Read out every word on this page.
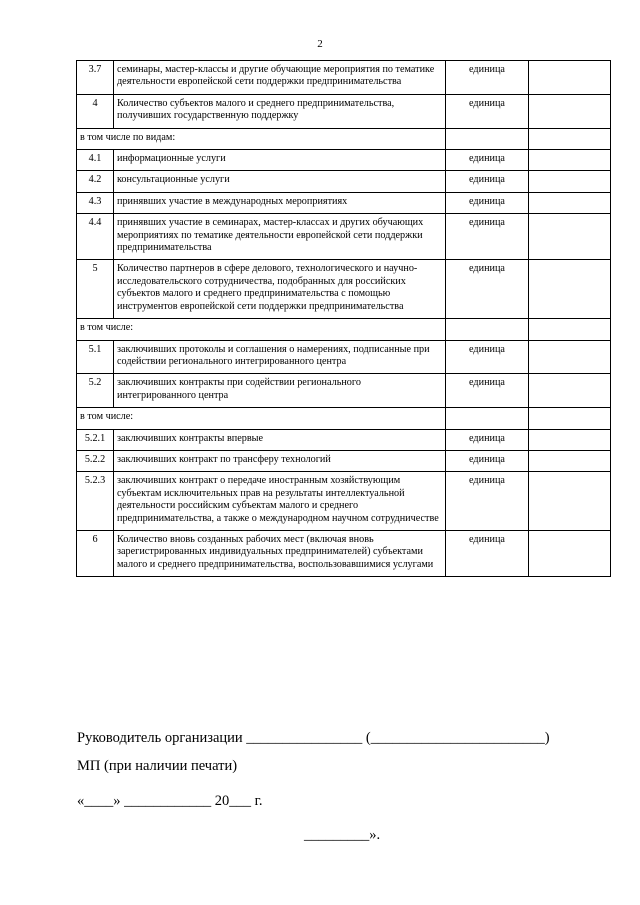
2
3.7	семинары, мастер-классы и другие обучающие мероприятия по тематике деятельности европейской сети поддержки предпринимательства	единица	
4	Количество субъектов малого и среднего предпринимательства, получивших государственную поддержку	единица	
в том числе по видам:			
4.1	информационные услуги	единица	
4.2	консультационные услуги	единица	
4.3	принявших участие в международных мероприятиях	единица	
4.4	принявших участие в семинарах, мастер-классах и других обучающих мероприятиях по тематике деятельности европейской сети поддержки предпринимательства	единица	
5	Количество партнеров в сфере делового, технологического и научно-исследовательского сотрудничества, подобранных для российских субъектов малого и среднего предпринимательства с помощью инструментов европейской сети поддержки предпринимательства	единица	
в том числе:			
5.1	заключивших протоколы и соглашения о намерениях, подписанные при содействии регионального интегрированного центра	единица	
5.2	заключивших контракты при содействии регионального интегрированного центра	единица	
в том числе:			
5.2.1	заключивших контракты впервые	единица	
5.2.2	заключивших контракт по трансферу технологий	единица	
5.2.3	заключивших контракт о передаче иностранным хозяйствующим субъектам исключительных прав на результаты интеллектуальной деятельности российским субъектам малого и среднего предпринимательства, а также о международном научном сотрудничестве	единица	
6	Количество вновь созданных рабочих мест (включая вновь зарегистрированных индивидуальных предпринимателей) субъектами малого и среднего предпринимательства, воспользовавшимися услугами	единица	
Руководитель организации ________________ (________________________)
МП (при наличии печати)
«____» ____________ 20___ г.
_________».
